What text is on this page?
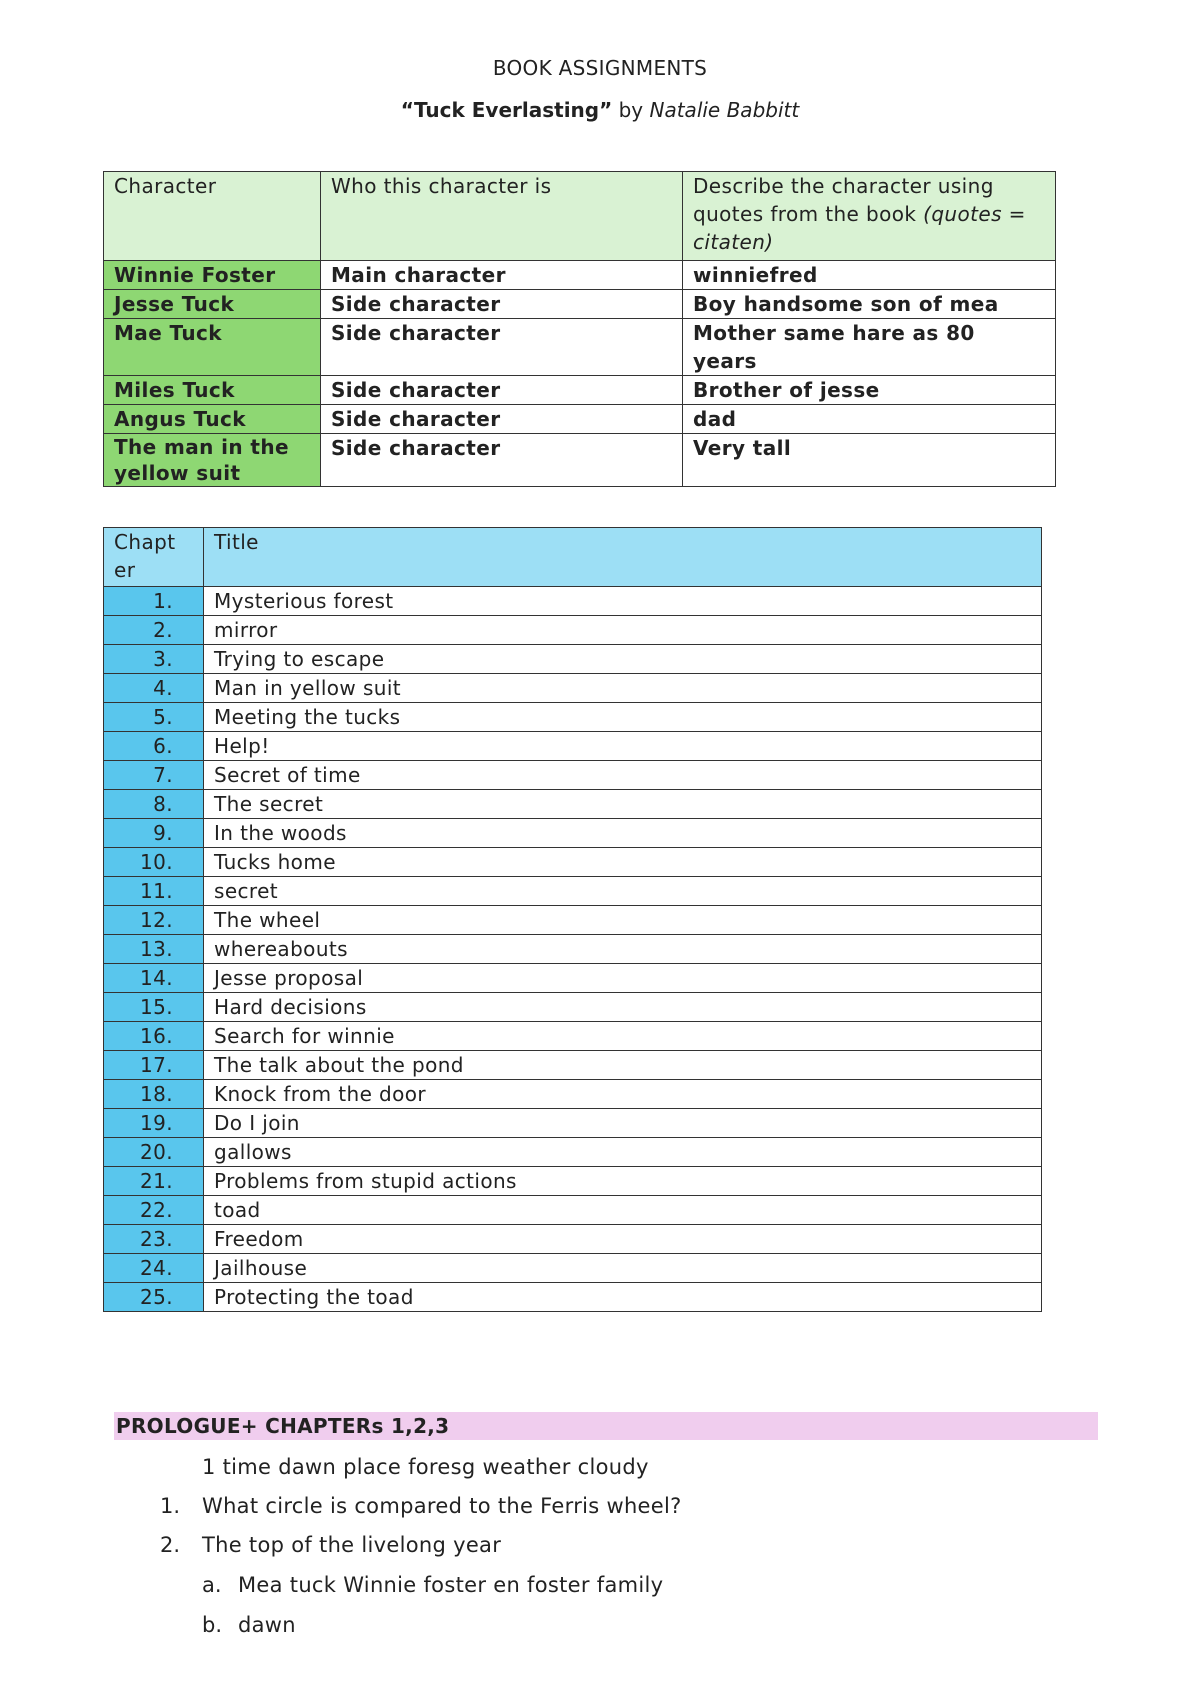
BOOK ASSIGNMENTS
“Tuck Everlasting” by Natalie Babbitt
Character	Who this character is	Describe the character using quotes from the book (quotes = citaten)
Winnie Foster	Main character	winniefred
Jesse Tuck	Side character	Boy handsome son of mea
Mae Tuck	Side character	Mother same hare as 80 years
Miles Tuck	Side character	Brother of jesse
Angus Tuck	Side character	dad
The man in the yellow suit	Side character	Very tall
Chapt er	Title
1.	Mysterious forest
2.	mirror
3.	Trying to escape
4.	Man in yellow suit
5.	Meeting the tucks
6.	Help!
7.	Secret of time
8.	The secret
9.	In the woods
10.	Tucks home
11.	secret
12.	The wheel
13.	whereabouts
14.	Jesse proposal
15.	Hard decisions
16.	Search for winnie
17.	The talk about the pond
18.	Knock from the door
19.	Do I join
20.	gallows
21.	Problems from stupid actions
22.	toad
23.	Freedom
24.	Jailhouse
25.	Protecting the toad
PROLOGUE+ CHAPTERs 1,2,3
1 time dawn place foresg weather cloudy
1. What circle is compared to the Ferris wheel?
2. The top of the livelong year
a. Mea tuck Winnie foster en foster family
b. dawn
